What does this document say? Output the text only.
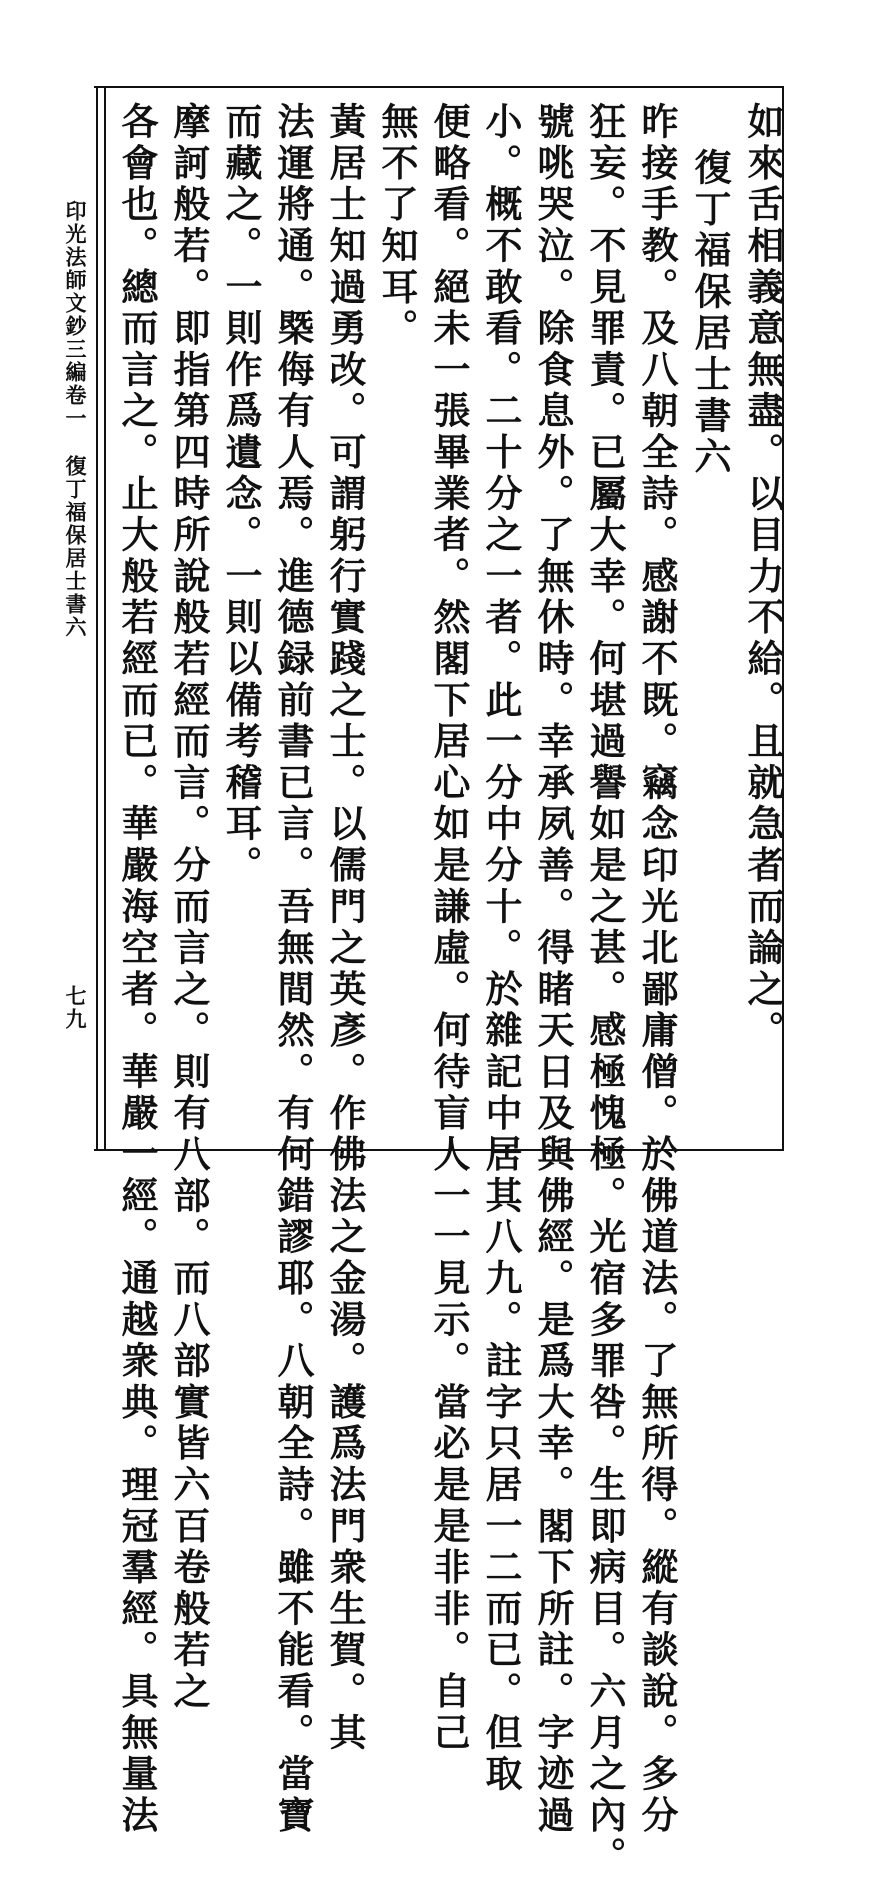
印光法師文鈔三編卷一
復丁福保居士書六
七九	如來舌相義意無盡。以目力不給。且就急者而論之。
復丁福保居士書六
昨接手教。及八朝全詩。感謝不既。竊念印光北鄙庸僧。於佛道法。了無所得。縱有談說。多分
狂妄。不見罪責。已屬大幸。何堪過譽如是之甚。感極愧極。光宿多罪咎。生即病目。六月之內。
號咷哭泣。除食息外。了無休時。幸承夙善。得睹天日及與佛經。是爲大幸。閣下所註。字迹過
小。概不敢看。二十分之一者。此一分中分十。於雜記中居其八九。註字只居一二而已。但取
便略看。絕未一張畢業者。然閣下居心如是謙虛。何待盲人一一見示。當必是是非非。自己
無不了知耳。
黃居士知過勇改。可謂躬行實踐之士。以儒門之英彥。作佛法之金湯。護爲法門衆生賀。其
法運將通。槩侮有人焉。進德録前書已言。吾無間然。有何錯謬耶。八朝全詩。雖不能看。當寶
而藏之。一則作爲遺念。一則以備考稽耳。
摩訶般若。即指第四時所說般若經而言。分而言之。則有八部。而八部實皆六百卷般若之
各會也。總而言之。止大般若經而已。華嚴海空者。華嚴一經。通越衆典。理冠羣經。具無量法
